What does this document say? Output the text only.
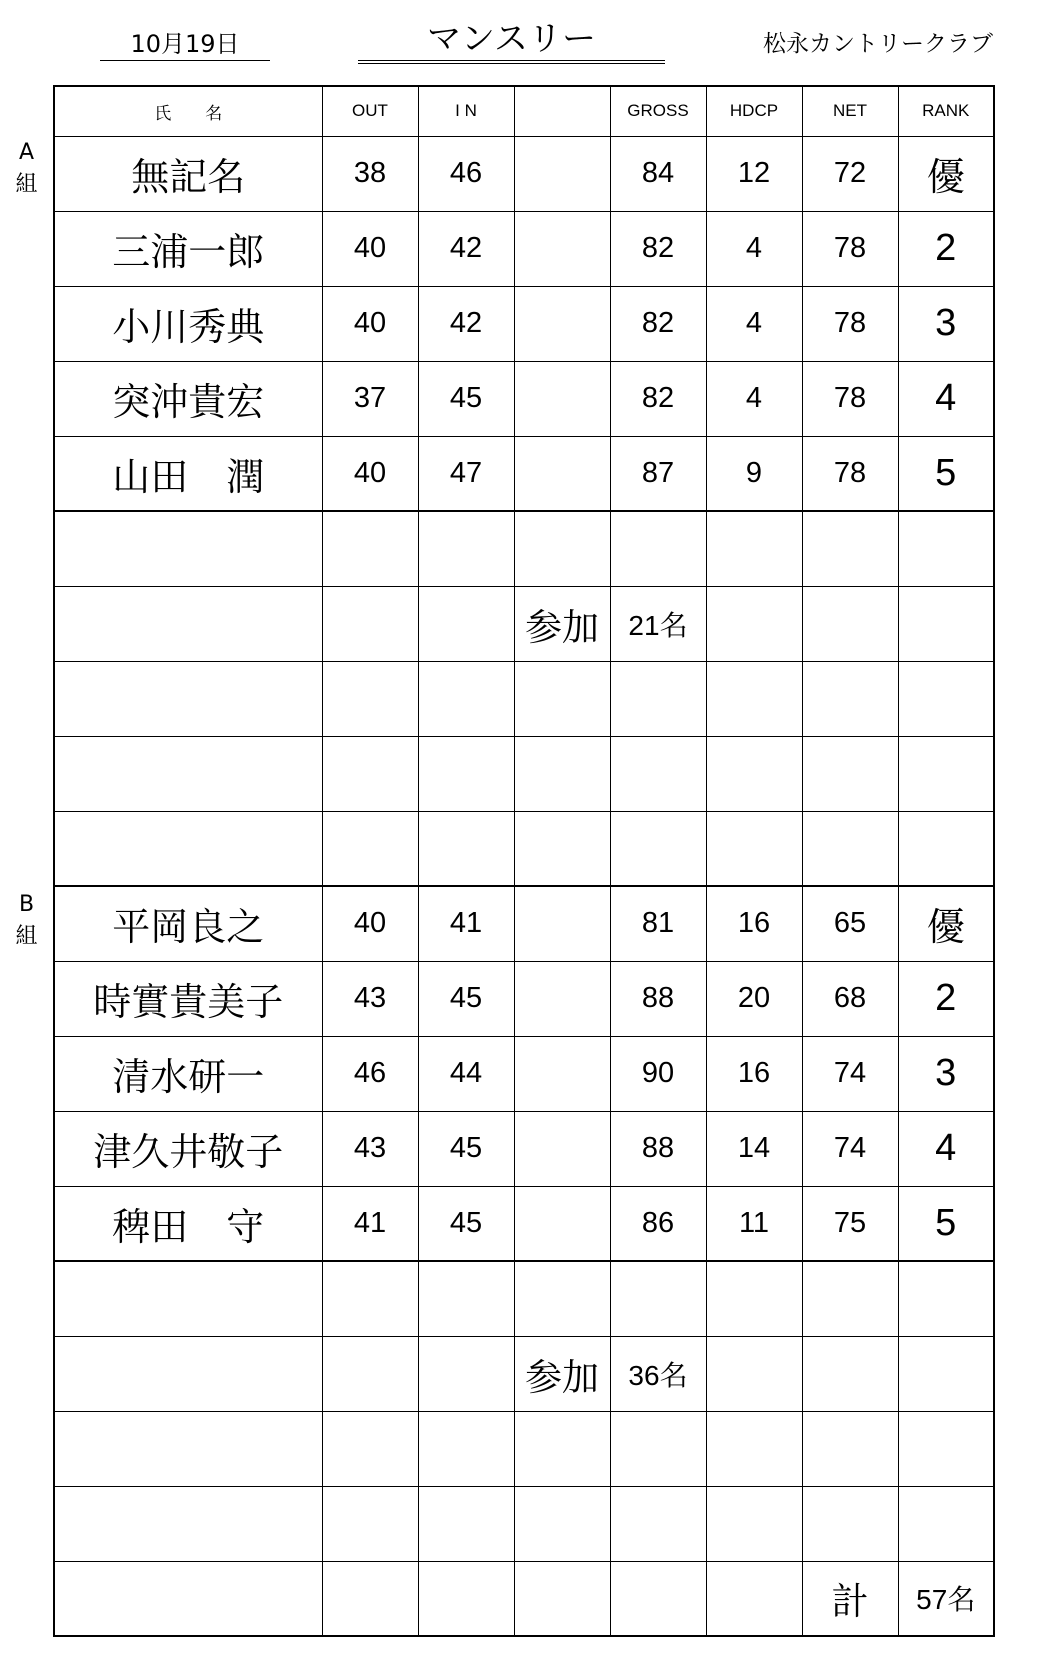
10月19日	マンスリー	松永カントリークラブ
A
組
B
組
氏　　名	OUT	I N		GROSS	HDCP	NET	RANK
無記名	38	46		84	12	72	優
三浦一郎	40	42		82	4	78	2
小川秀典	40	42		82	4	78	3
突沖貴宏	37	45		82	4	78	4
山田　潤	40	47		87	9	78	5

			参加	21名			

平岡良之	40	41		81	16	65	優
時實貴美子	43	45		88	20	68	2
清水研一	46	44		90	16	74	3
津久井敬子	43	45		88	14	74	4
稗田　守	41	45		86	11	75	5

			参加	36名			

						計	57名
